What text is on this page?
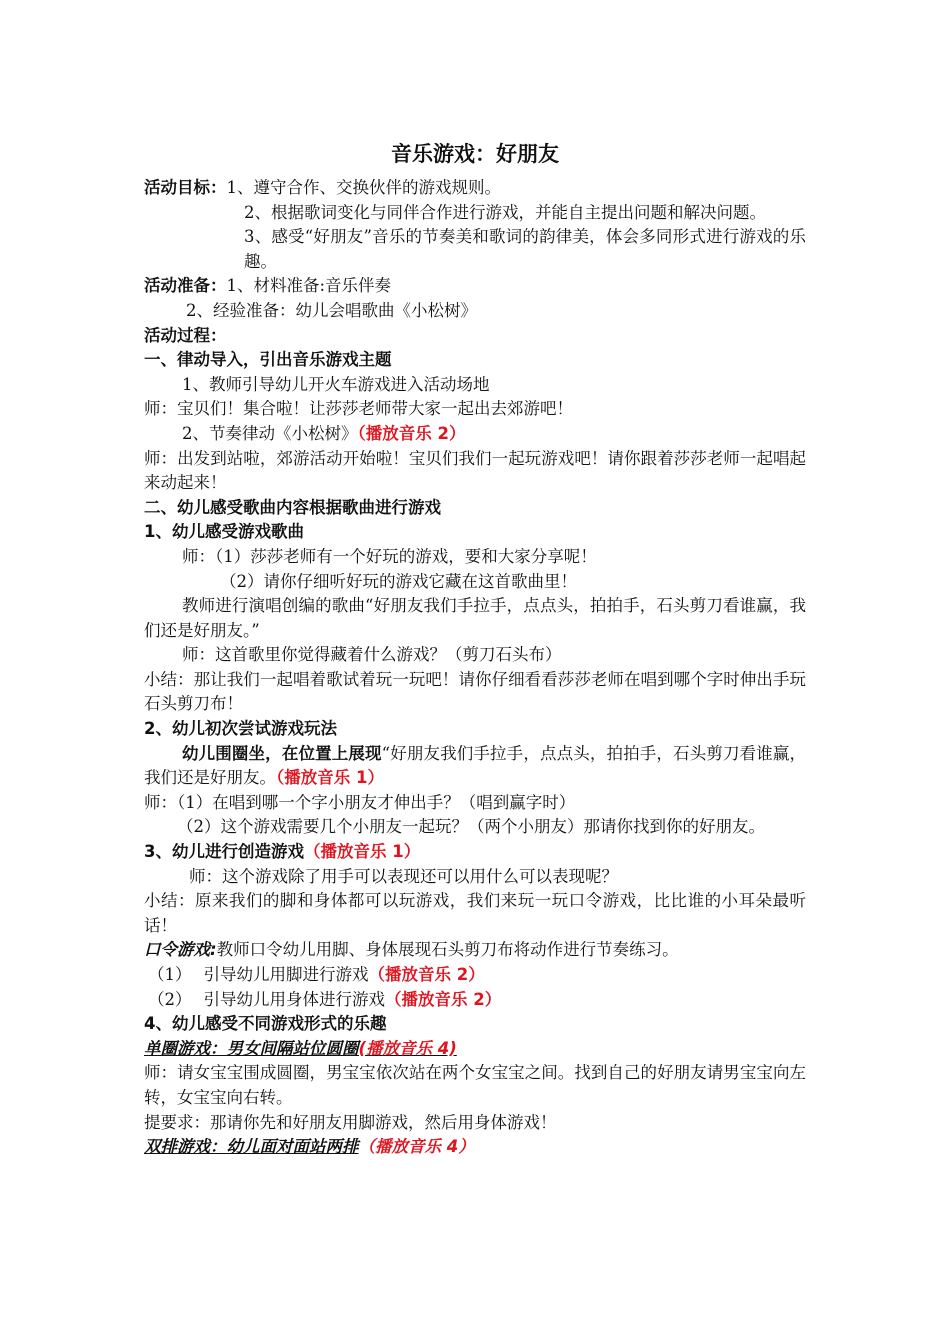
音乐游戏：好朋友

活动目标：1、遵守合作、交换伙伴的游戏规则。

2、根据歌词变化与同伴合作进行游戏，并能自主提出问题和解决问题。

3、感受“好朋友”音乐的节奏美和歌词的韵律美，体会多同形式进行游戏的乐趣。

活动准备：1、材料准备:音乐伴奏

2、经验准备：幼儿会唱歌曲《小松树》

活动过程：

一、律动导入，引出音乐游戏主题

1、教师引导幼儿开火车游戏进入活动场地

师：宝贝们！集合啦！让莎莎老师带大家一起出去郊游吧！

2、节奏律动《小松树》（播放音乐 2）

师：出发到站啦，郊游活动开始啦！宝贝们我们一起玩游戏吧！请你跟着莎莎老师一起唱起来动起来！

二、幼儿感受歌曲内容根据歌曲进行游戏

1、幼儿感受游戏歌曲

师：（1）莎莎老师有一个好玩的游戏，要和大家分享呢！

（2）请你仔细听好玩的游戏它藏在这首歌曲里！

教师进行演唱创编的歌曲“好朋友我们手拉手，点点头，拍拍手，石头剪刀看谁赢，我们还是好朋友。”

师：这首歌里你觉得藏着什么游戏？（剪刀石头布）

小结：那让我们一起唱着歌试着玩一玩吧！请你仔细看看莎莎老师在唱到哪个字时伸出手玩石头剪刀布！

2、幼儿初次尝试游戏玩法

幼儿围圈坐，在位置上展现“好朋友我们手拉手，点点头，拍拍手，石头剪刀看谁赢，我们还是好朋友。（播放音乐 1）

师：（1）在唱到哪一个字小朋友才伸出手？（唱到赢字时）

（2）这个游戏需要几个小朋友一起玩？（两个小朋友）那请你找到你的好朋友。

3、幼儿进行创造游戏（播放音乐 1）

师：这个游戏除了用手可以表现还可以用什么可以表现呢？

小结：原来我们的脚和身体都可以玩游戏，我们来玩一玩口令游戏，比比谁的小耳朵最听话！

口令游戏:教师口令幼儿用脚、身体展现石头剪刀布将动作进行节奏练习。

（1） 引导幼儿用脚进行游戏（播放音乐 2）

（2） 引导幼儿用身体进行游戏（播放音乐 2）

4、幼儿感受不同游戏形式的乐趣

单圈游戏：男女间隔站位圆圈(播放音乐 4)

师：请女宝宝围成圆圈，男宝宝依次站在两个女宝宝之间。找到自己的好朋友请男宝宝向左转，女宝宝向右转。

提要求：那请你先和好朋友用脚游戏，然后用身体游戏！

双排游戏：幼儿面对面站两排（播放音乐 4）
